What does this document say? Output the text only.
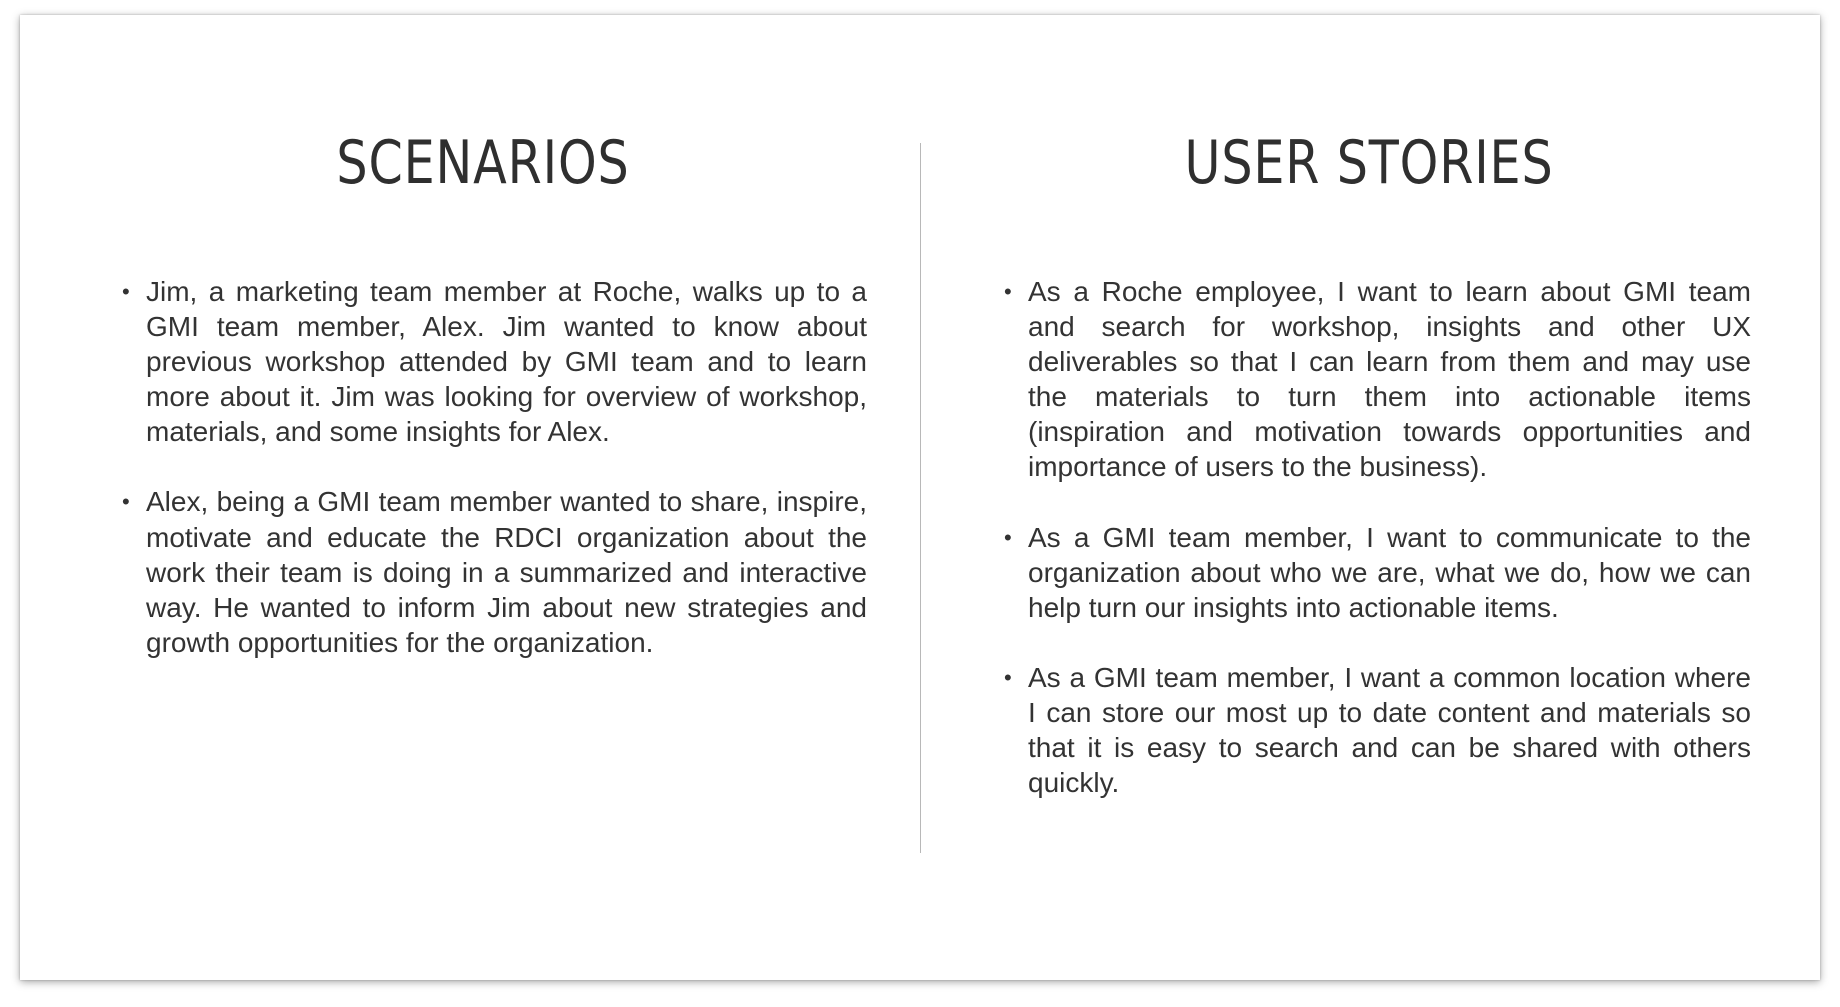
SCENARIOS
• Jim, a marketing team member at Roche, walks up to a GMI team member, Alex. Jim wanted to know about previous workshop attended by GMI team and to learn more about it. Jim was looking for overview of workshop, materials, and some insights for Alex.
• Alex, being a GMI team member wanted to share, inspire, motivate and educate the RDCI organization about the work their team is doing in a summarized and interactive way. He wanted to inform Jim about new strategies and growth opportunities for the organization.
USER STORIES
• As a Roche employee, I want to learn about GMI team and search for workshop, insights and other UX deliverables so that I can learn from them and may use the materials to turn them into actionable items (inspiration and motivation towards opportunities and importance of users to the business).
• As a GMI team member, I want to communicate to the organization about who we are, what we do, how we can help turn our insights into actionable items.
• As a GMI team member, I want a common location where I can store our most up to date content and materials so that it is easy to search and can be shared with others quickly.
